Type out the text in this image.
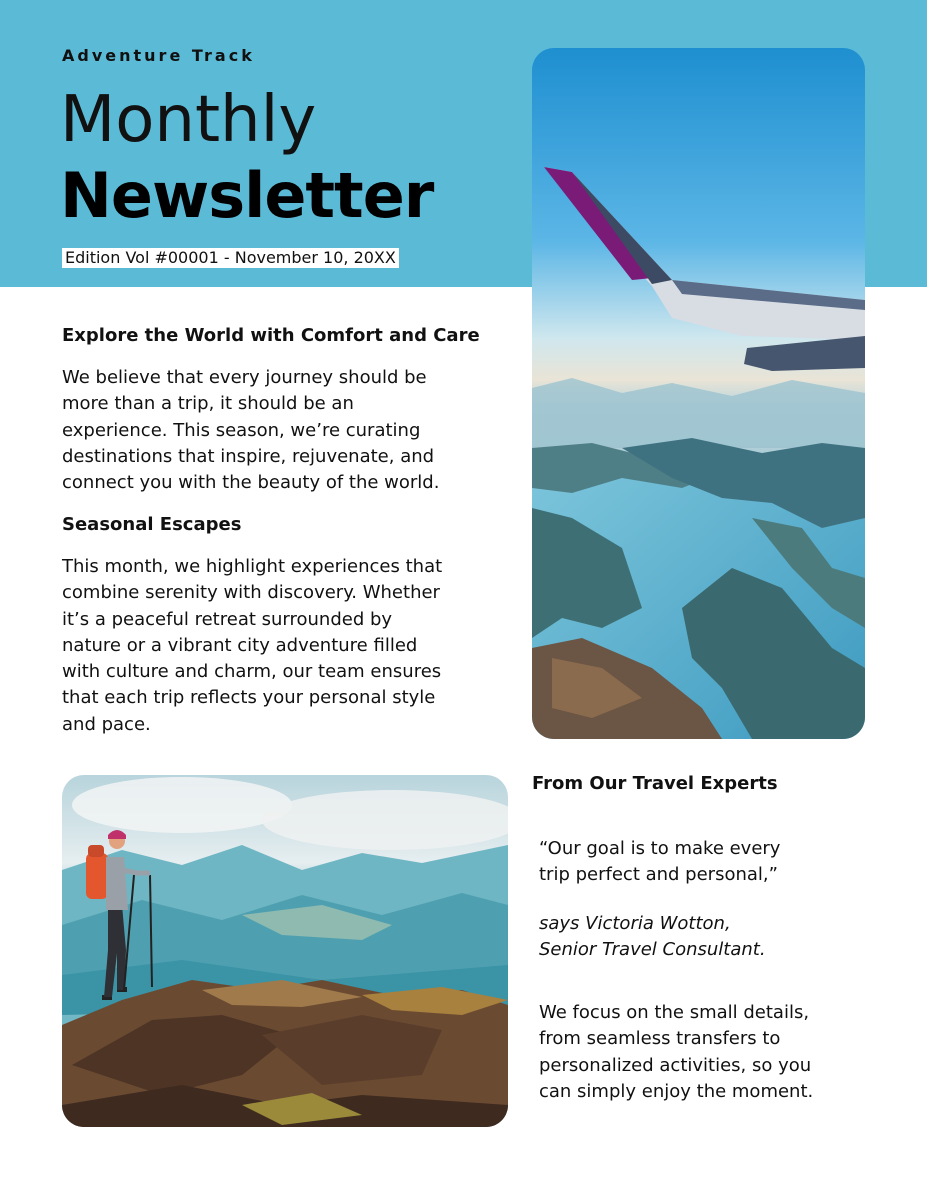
Adventure Track
Monthly
Newsletter
Edition Vol #00001 - November 10, 20XX
Explore the World with Comfort and Care
We believe that every journey should be
more than a trip, it should be an
experience. This season, we’re curating
destinations that inspire, rejuvenate, and
connect you with the beauty of the world.
Seasonal Escapes
This month, we highlight experiences that
combine serenity with discovery. Whether
it’s a peaceful retreat surrounded by
nature or a vibrant city adventure filled
with culture and charm, our team ensures
that each trip reflects your personal style
and pace.
From Our Travel Experts
“Our goal is to make every
trip perfect and personal,”
says Victoria Wotton,
Senior Travel Consultant.
We focus on the small details,
from seamless transfers to
personalized activities, so you
can simply enjoy the moment.
